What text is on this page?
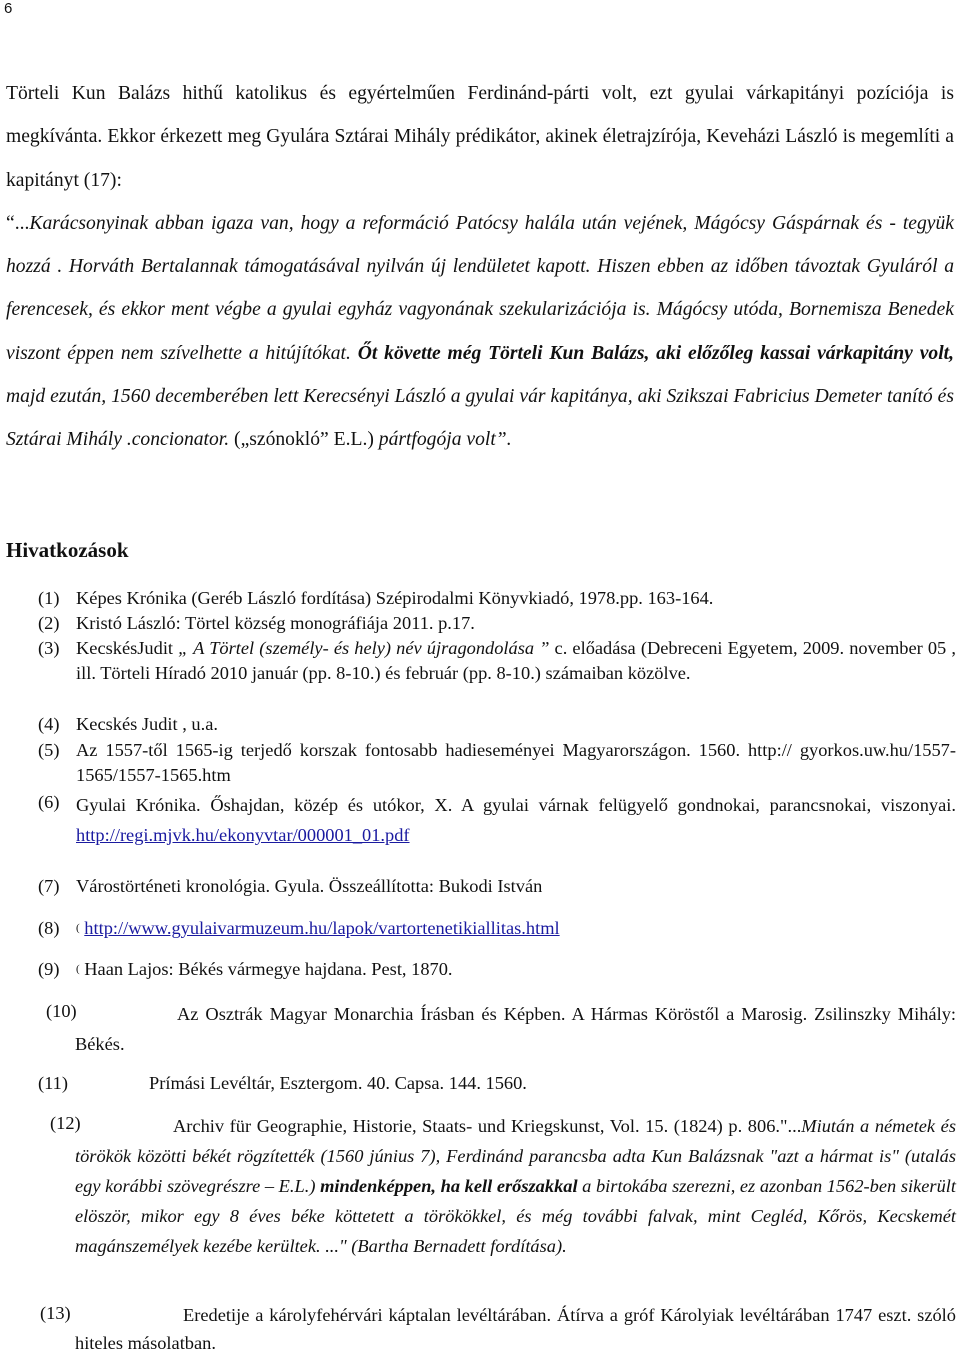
6
Törteli Kun Balázs hithű katolikus és egyértelműen Ferdinánd-párti volt, ezt gyulai várkapitányi pozíciója is megkívánta. Ekkor érkezett meg Gyulára Sztárai Mihály prédikátor, akinek életrajzírója, Keveházi László is megemlíti a kapitányt (17):
“...Karácsonyinak abban igaza van, hogy a reformáció Patócsy halála után vejének, Mágócsy Gáspárnak és - tegyük hozzá . Horváth Bertalannak támogatásával nyilván új lendületet kapott. Hiszen ebben az időben távoztak Gyuláról a ferencesek, és ekkor ment végbe a gyulai egyház vagyonának szekularizációja is. Mágócsy utóda, Bornemisza Benedek viszont éppen nem szívelhette a hitújítókat. Őt követte még Törteli Kun Balázs, aki előzőleg kassai várkapitány volt, majd ezután, 1560 decemberében lett Kerecsényi László a gyulai vár kapitánya, aki Szikszai Fabricius Demeter tanító és Sztárai Mihály .concionator. („szónokló” E.L.) pártfogója volt”.
Hivatkozások
(1) Képes Krónika (Geréb László fordítása) Szépirodalmi Könyvkiadó, 1978.pp. 163-164.
(2) Kristó László: Törtel község monográfiája 2011. p.17.
(3) KecskésJudit „ A Törtel (személy- és hely) név újragondolása ” c. előadása (Debreceni Egyetem, 2009. november 05 , ill. Törteli Híradó 2010 január (pp. 8-10.) és február (pp. 8-10.) számaiban közölve.
(4) Kecskés Judit , u.a.
(5) Az 1557-től 1565-ig terjedő korszak fontosabb hadieseményei Magyarországon. 1560. http:// gyorkos.uw.hu/1557-1565/1557-1565.htm
(6) Gyulai Krónika. Őshajdan, közép és utókor, X. A gyulai várnak felügyelő gondnokai, parancsnokai, viszonyai. http://regi.mjvk.hu/ekonyvtar/000001_01.pdf
(7) Várostörténeti kronológia. Gyula. Összeállította: Bukodi István
(8) ( http://www.gyulaivarmuzeum.hu/lapok/vartortenetikiallitas.html
(9) ( Haan Lajos: Békés vármegye hajdana. Pest, 1870.
(10)	Az Osztrák Magyar Monarchia Írásban és Képben. A Hármas Köröstől a Marosig. Zsilinszky Mihály: Békés.
(11)	Prímási Levéltár, Esztergom. 40. Capsa. 144. 1560.
(12)	Archiv für Geographie, Historie, Staats- und Kriegskunst, Vol. 15. (1824) p. 806."...Miután a németek és törökök közötti békét rögzítették (1560 június 7), Ferdinánd parancsba adta Kun Balázsnak "azt a hármat is" (utalás egy korábbi szövegrészre – E.L.) mindenképpen, ha kell erőszakkal a birtokába szerezni, ez azonban 1562-ben sikerült elöször, mikor egy 8 éves béke köttetett a törökökkel, és még további falvak, mint Cegléd, Kőrös, Kecskemét magánszemélyek kezébe kerültek. ..." (Bartha Bernadett fordítása).
(13)	Eredetije a károlyfehérvári káptalan levéltárában. Átírva a gróf Károlyiak levéltárában 1747 eszt. szóló hiteles másolatban.
